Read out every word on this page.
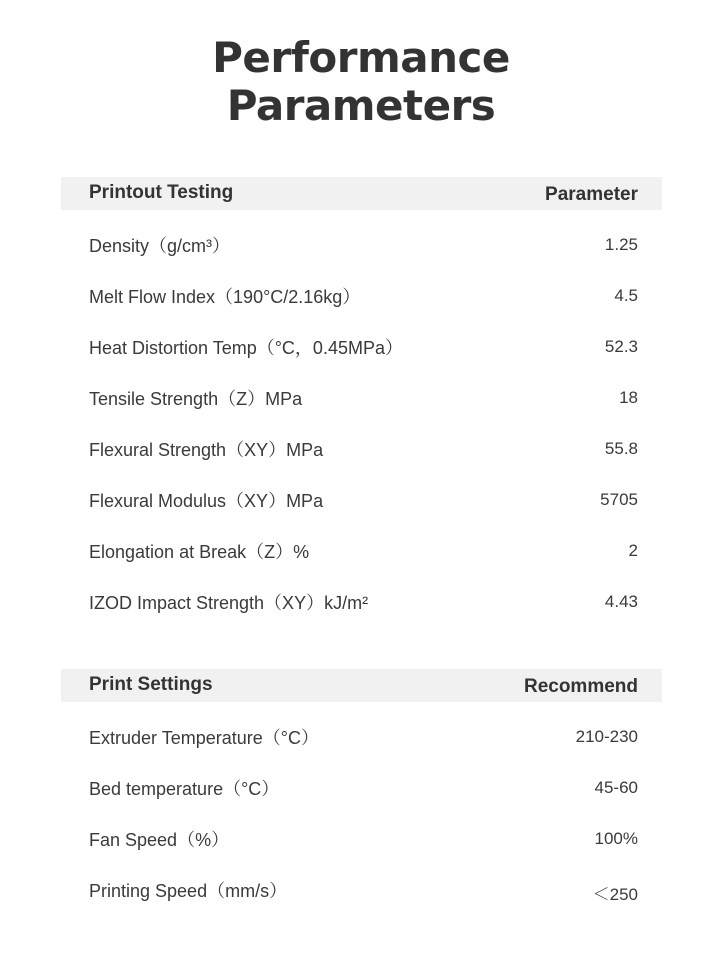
Performance
Parameters
Printout Testing	Parameter
Density（g/cm³）	1.25
Melt Flow Index（190°C/2.16kg）	4.5
Heat Distortion Temp（°C，0.45MPa）	52.3
Tensile Strength（Z）MPa	18
Flexural Strength（XY）MPa	55.8
Flexural Modulus（XY）MPa	5705
Elongation at Break（Z）%	2
IZOD Impact Strength（XY）kJ/m²	4.43
Print Settings	Recommend
Extruder Temperature（°C）	210-230
Bed temperature（°C）	45-60
Fan Speed（%）	100%
Printing Speed（mm/s）	＜250
